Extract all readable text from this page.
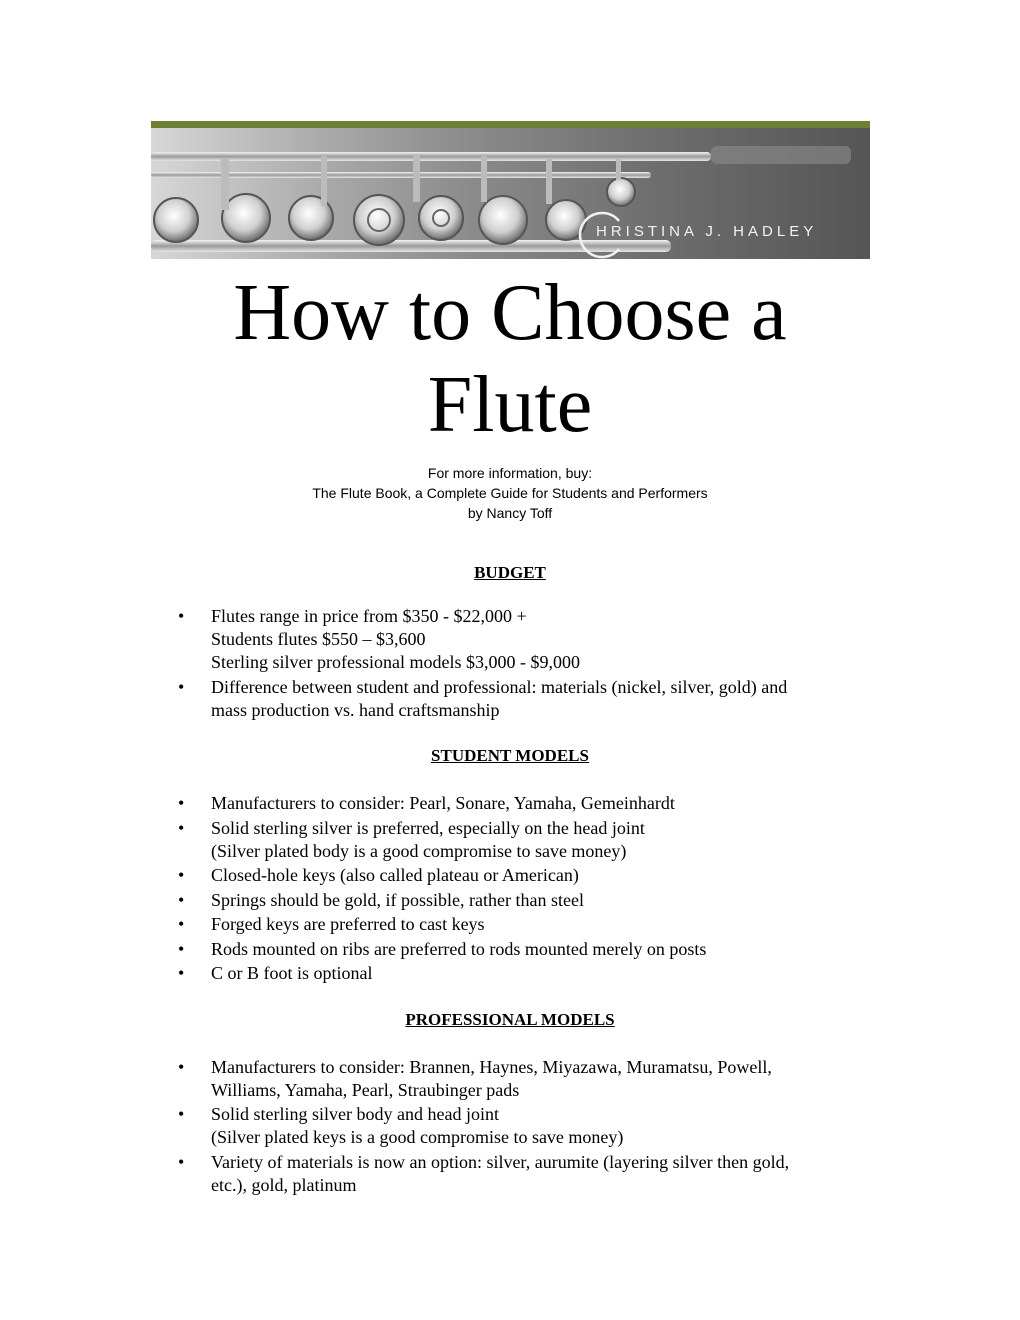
HRISTINA J. HADLEY
How to Choose a
Flute
For more information, buy:
The Flute Book, a Complete Guide for Students and Performers
by Nancy Toff
BUDGET
• Flutes range in price from $350 - $22,000 +
Students flutes $550 – $3,600
Sterling silver professional models $3,000 - $9,000
• Difference between student and professional: materials (nickel, silver, gold) and
mass production vs. hand craftsmanship
STUDENT MODELS
• Manufacturers to consider: Pearl, Sonare, Yamaha, Gemeinhardt
• Solid sterling silver is preferred, especially on the head joint
(Silver plated body is a good compromise to save money)
• Closed-hole keys (also called plateau or American)
• Springs should be gold, if possible, rather than steel
• Forged keys are preferred to cast keys
• Rods mounted on ribs are preferred to rods mounted merely on posts
• C or B foot is optional
PROFESSIONAL MODELS
• Manufacturers to consider: Brannen, Haynes, Miyazawa, Muramatsu, Powell,
Williams, Yamaha, Pearl, Straubinger pads
• Solid sterling silver body and head joint
(Silver plated keys is a good compromise to save money)
• Variety of materials is now an option: silver, aurumite (layering silver then gold,
etc.), gold, platinum
